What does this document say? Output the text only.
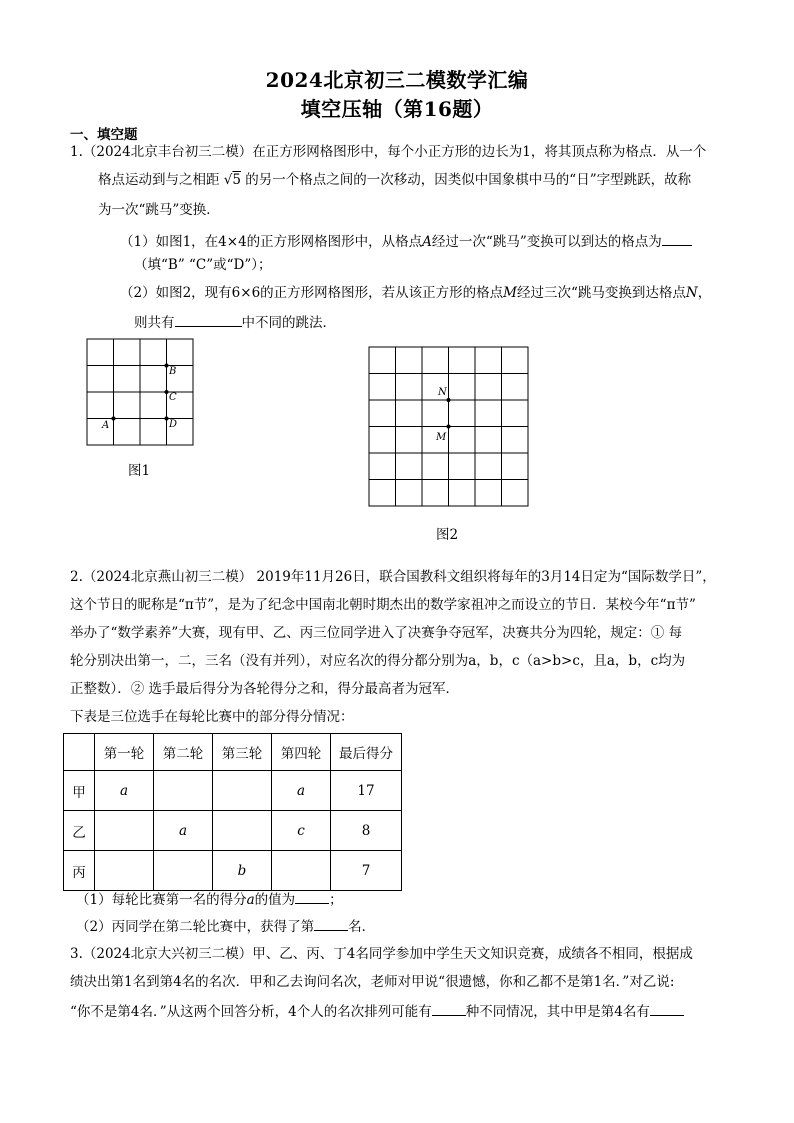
2024北京初三二模数学汇编
填空压轴（第16题）
一、填空题
1.（2024北京丰台初三二模）在正方形网格图形中，每个小正方形的边长为1，将其顶点称为格点．从一个
格点运动到与之相距 √5 的另一个格点之间的一次移动，因类似中国象棋中马的“日”字型跳跃，故称
为一次“跳马”变换．
（1）如图1，在4×4的正方形网格图形中，从格点A经过一次“跳马”变换可以到达的格点为
（填“B” “C”或“D”）；
（2）如图2，现有6×6的正方形网格图形，若从该正方形的格点M经过三次“跳马变换到达格点N，
则共有	中不同的跳法．
A
B
C
D
图1
N
M
图2
2.（2024北京燕山初三二模） 2019年11月26日，联合国教科文组织将每年的3月14日定为“国际数学日”，
这个节日的昵称是“π节”，是为了纪念中国南北朝时期杰出的数学家祖冲之而设立的节日．某校今年“π节”
举办了“数学素养”大赛，现有甲、乙、丙三位同学进入了决赛争夺冠军，决赛共分为四轮，规定：① 每
轮分别决出第一，二，三名（没有并列），对应名次的得分都分别为a，b，c（a>b>c，且a，b，c均为
正整数）．② 选手最后得分为各轮得分之和，得分最高者为冠军．
下表是三位选手在每轮比赛中的部分得分情况：
	第一轮	第二轮	第三轮	第四轮	最后得分
甲	a			a	17
乙		a		c	8
丙			b		7
（1）每轮比赛第一名的得分a的值为	；
（2）丙同学在第二轮比赛中，获得了第	名．
3.（2024北京大兴初三二模）甲、乙、丙、丁4名同学参加中学生天文知识竞赛，成绩各不相同，根据成
绩决出第1名到第4名的名次．甲和乙去询问名次，老师对甲说“很遗憾，你和乙都不是第1名．”对乙说:
“你不是第4名．”从这两个回答分析，4个人的名次排列可能有	种不同情况，其中甲是第4名有
